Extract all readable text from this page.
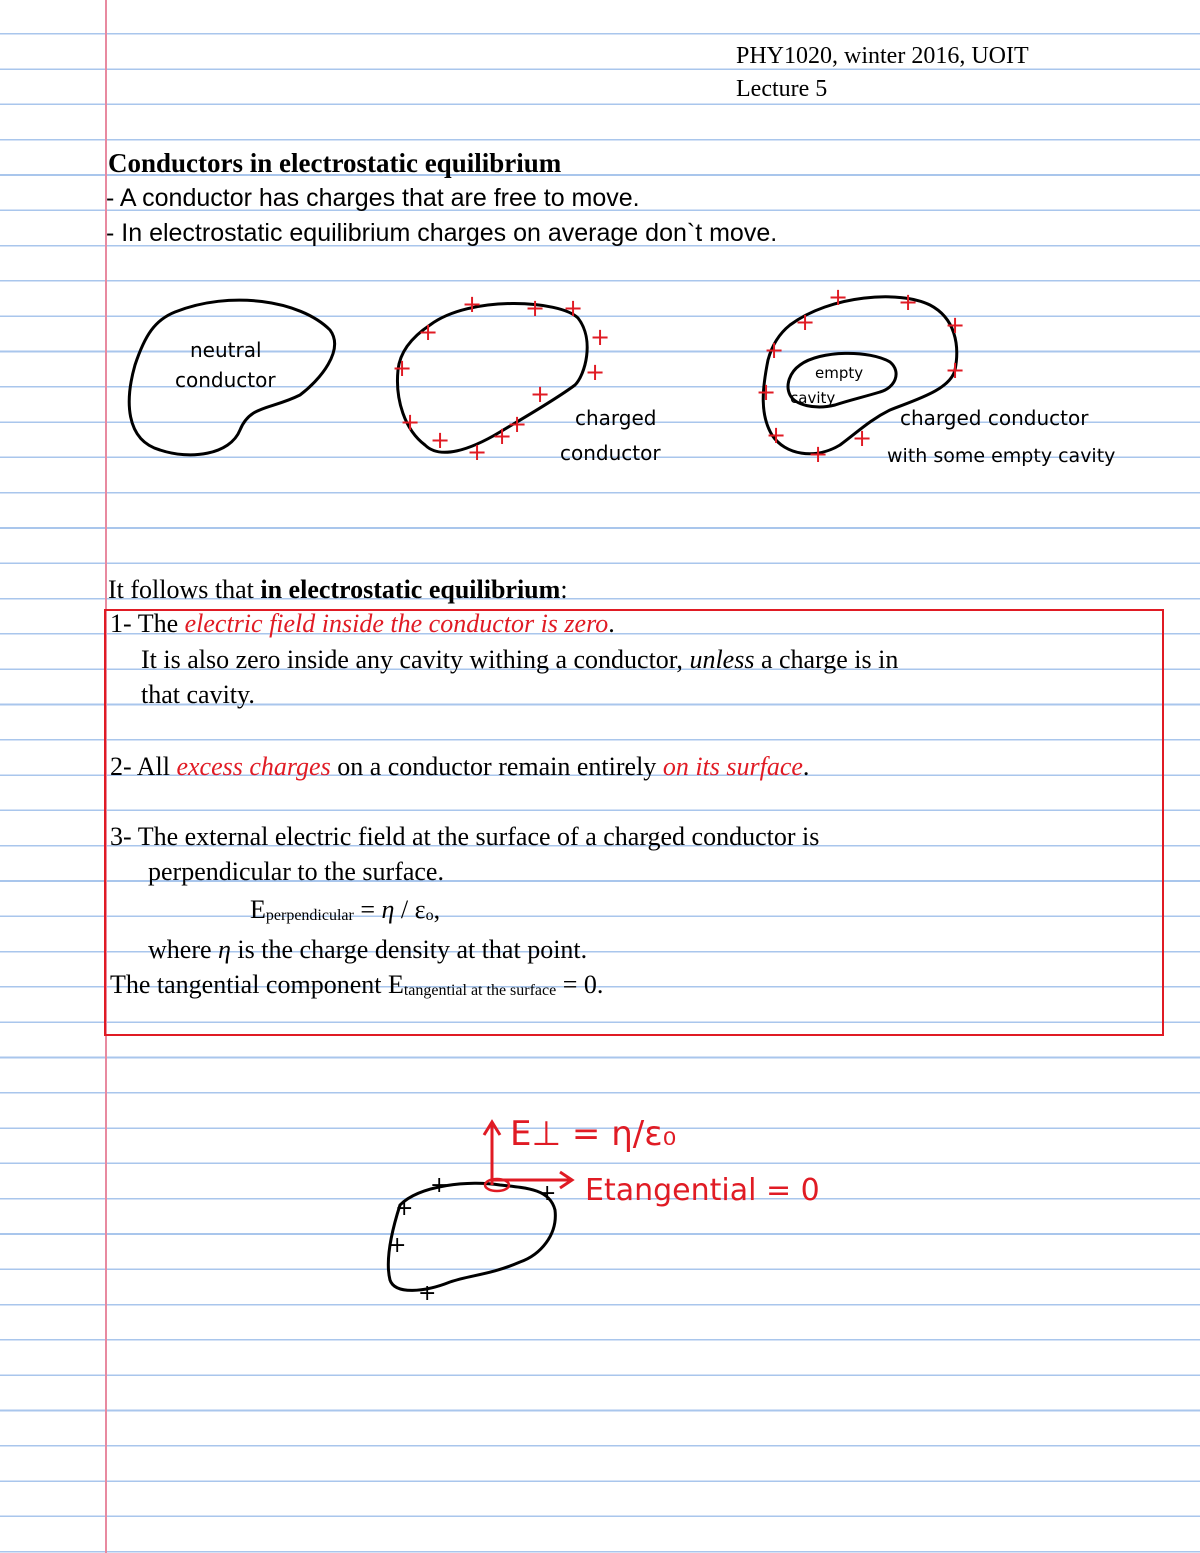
PHY1020, winter 2016, UOIT
Lecture 5
Conductors in electrostatic equilibrium
- A conductor has charges that are free to move.
- In electrostatic equilibrium charges on average don`t move.
neutral
conductor
+ + +
+
+
+
+
+ +
+
+
+
+
charged
conductor
empty
cavity
+ +
+
+
+
+
+
+
+
+
charged conductor
with some empty cavity
+	+
+
+
+
E⊥ = η/ε₀
Etangential = 0
It follows that in electrostatic equilibrium:
1- The electric field inside the conductor is zero.
It is also zero inside any cavity withing a conductor, unless a charge is in
that cavity.
2- All excess charges on a conductor remain entirely on its surface.
3- The external electric field at the surface of a charged conductor is
perpendicular to the surface.
$E_{perpendicular} = \eta / \varepsilon_o$,
where η is the charge density at that point.
The tangential component $E_{tangential at the surface} = 0$.
